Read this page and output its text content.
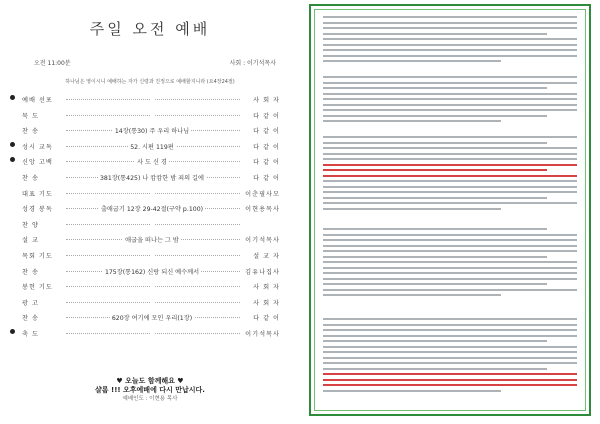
주일 오전 예배
오전 11:00분	사회 : 이기석목사
하나님은 영이시니 예배하는 자가 신령과 진정으로 예배할지니라 (요4장24절)
예배 선포	사 회 자
묵 도	다 같 이
찬 송	14장(통30) 주 우리 하나님	다 같 이
성시 교독	52. 시편 119편	다 같 이
신앙 고백	사 도 신 경	다 같 이
찬 송	381장(통425) 나 캄캄한 밤 죄의 길에	다 같 이
대표 기도	이춘필사모
성경 봉독	출애굽기 12장 29-42절(구약 p.100)	이현용목사
찬 양
설 교	애굽을 떠나는 그 밤	이기석목사
목회 기도	설 교 자
찬 송	175장(통162) 신랑 되신 예수께서	김유나집사
봉헌 기도	사 회 자
광 고	사 회 자
찬 송	620장 여기에 모인 우리(1장)	다 같 이
축 도	이기석목사
♥ 오늘도 함께해요 ♥
샬롬 !!! 오후예배에 다시 만납시다.
예배인도 : 이현용 목사
